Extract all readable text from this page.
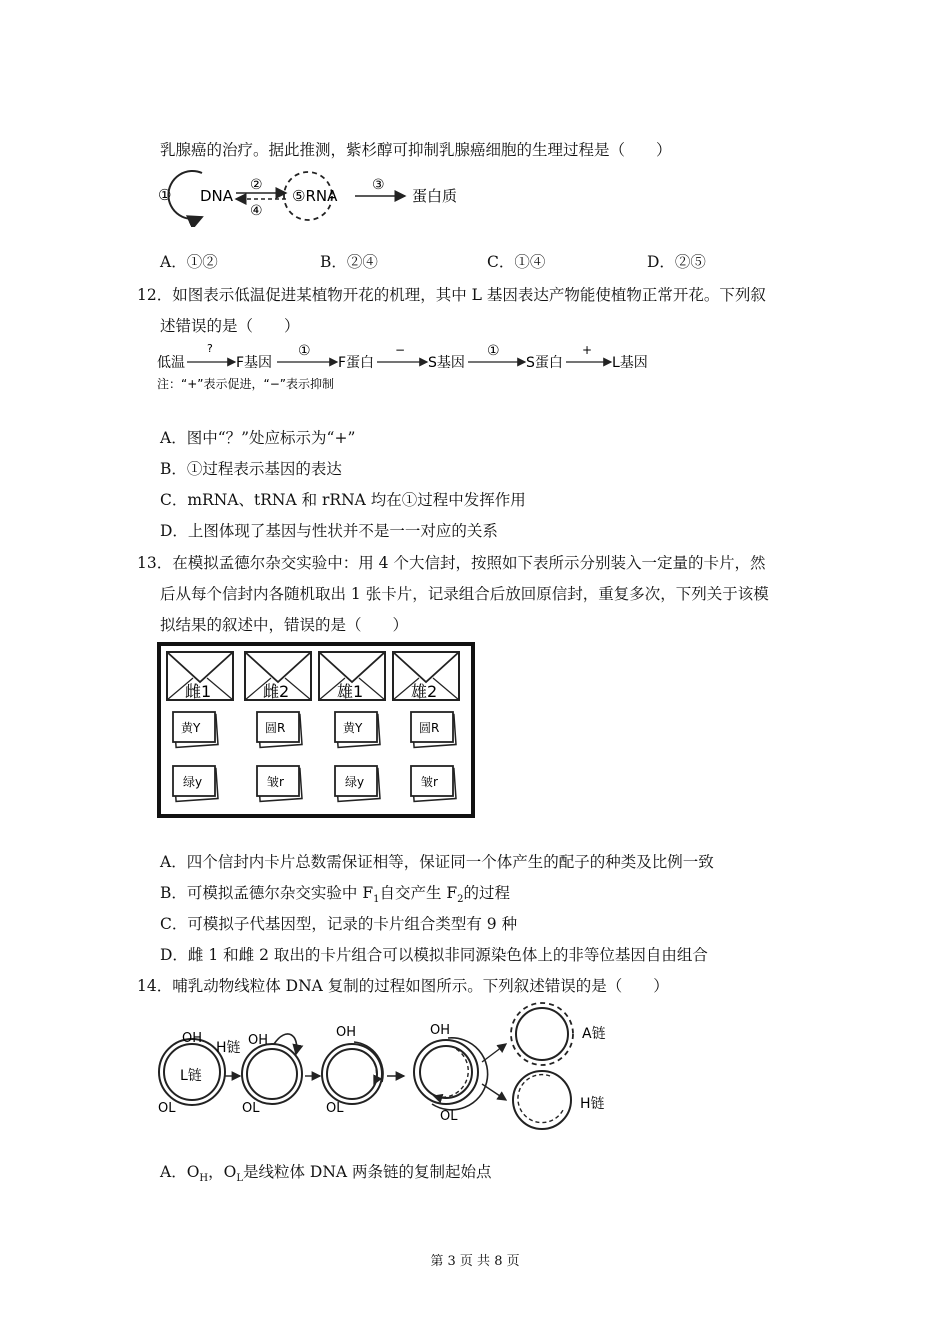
乳腺癌的治疗。据此推测，紫杉醇可抑制乳腺癌细胞的生理过程是（　　）
① DNA
②
④
⑤RNA
③
蛋白质
A．①②	B．②④	C．①④	D．②⑤
12．如图表示低温促进某植物开花的机理，其中 L 基因表达产物能使植物正常开花。下列叙
述错误的是（　　）
低温
?
F基因
①
F蛋白
−
S基因
①
S蛋白
+
L基因
注：“+”表示促进，“−”表示抑制
A．图中“？”处应标示为“+”
B．①过程表示基因的表达
C．mRNA、tRNA 和 rRNA 均在①过程中发挥作用
D．上图体现了基因与性状并不是一一对应的关系
13．在模拟孟德尔杂交实验中：用 4 个大信封，按照如下表所示分别装入一定量的卡片，然
后从每个信封内各随机取出 1 张卡片，记录组合后放回原信封，重复多次，下列关于该模
拟结果的叙述中，错误的是（　　）
雌1	雌2	雄1	雄2
黄Y	圆R	黄Y	圆R
绿y	皱r	绿y	皱r
A．四个信封内卡片总数需保证相等，保证同一个体产生的配子的种类及比例一致
B．可模拟孟德尔杂交实验中 $F_1$自交产生 $F_2$的过程
C．可模拟子代基因型，记录的卡片组合类型有 9 种
D．雌 1 和雌 2 取出的卡片组合可以模拟非同源染色体上的非等位基因自由组合
14．哺乳动物线粒体 DNA 复制的过程如图所示。下列叙述错误的是（　　）
OH
H链
L链
OL
OH
OL
OH
OL
OH
OL
A链
H链
A．$O_H$，$O_L$是线粒体 DNA 两条链的复制起始点
第 3 页 共 8 页
